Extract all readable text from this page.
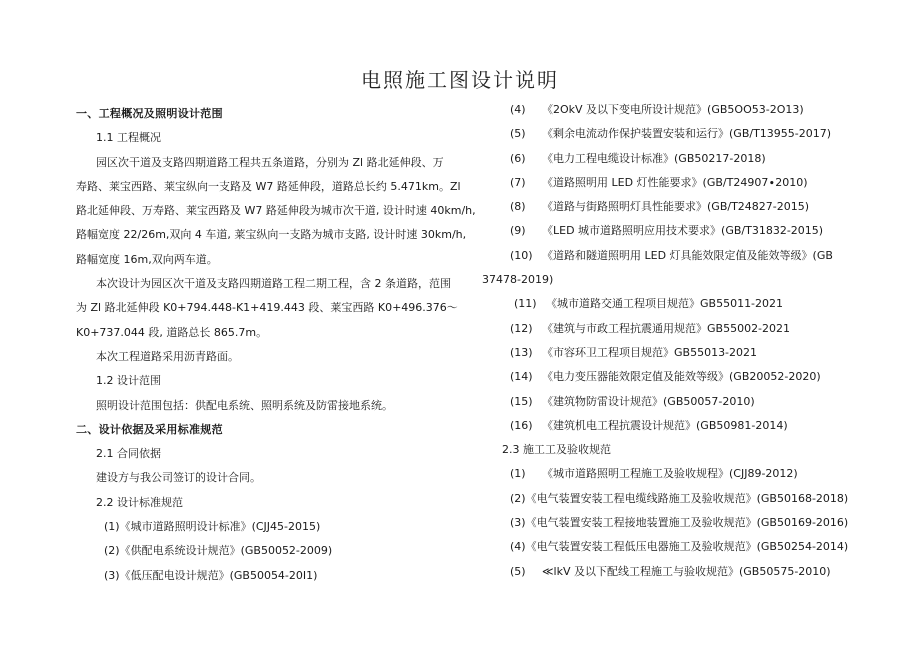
电照施工图设计说明
一、工程概况及照明设计范围
1.1 工程概况
园区次干道及支路四期道路工程共五条道路，分别为 Zl 路北延伸段、万
寿路、莱宝西路、莱宝纵向一支路及 W7 路延伸段，道路总长约 5.471km。Zl
路北延伸段、万寿路、莱宝西路及 W7 路延伸段为城市次干道, 设计时速 40km/h,
路幅宽度 22/26m,双向 4 车道, 莱宝纵向一支路为城市支路, 设计时速 30km/h,
路幅宽度 16m,双向两车道。
本次设计为园区次干道及支路四期道路工程二期工程，含 2 条道路，范围
为 Zl 路北延伸段 K0+794.448-K1+419.443 段、莱宝西路 K0+496.376～
K0+737.044 段, 道路总长 865.7m。
本次工程道路采用沥青路面。
1.2 设计范围
照明设计范围包括：供配电系统、照明系统及防雷接地系统。
二、设计依据及采用标准规范
2.1 合同依据
建设方与我公司签订的设计合同。
2.2 设计标准规范
(1)《城市道路照明设计标准》(CJJ45-2015)
(2)《供配电系统设计规范》(GB50052-2009)
(3)《低压配电设计规范》(GB50054-20I1)
(4)	《2OkV 及以下变电所设计规范》(GB5OO53-2O13)
(5)	《剩余电流动作保护装置安装和运行》(GB/T13955-2017)
(6)	《电力工程电缆设计标准》(GB50217-2018)
(7)	《道路照明用 LED 灯性能要求》(GB/T24907∙2010)
(8)	《道路与街路照明灯具性能要求》(GB/T24827-2015)
(9)	《LED 城市道路照明应用技术要求》(GB/T31832-2015)
(10) 《道路和隧道照明用 LED 灯具能效限定值及能效等级》(GB
37478-2019)
(11) 《城市道路交通工程项目规范》GB55011-2021
(12) 《建筑与市政工程抗震通用规范》GB55002-2021
(13) 《市容环卫工程项目规范》GB55013-2021
(14) 《电力变压器能效限定值及能效等级》(GB20052-2020)
(15) 《建筑物防雷设计规范》(GB50057-2010)
(16) 《建筑机电工程抗震设计规范》(GB50981-2014)
2.3 施工工及验收规范
(1)	《城市道路照明工程施工及验收规程》(CJJ89-2012)
(2) 《电气装置安装工程电缆线路施工及验收规范》(GB50168-2018)
(3) 《电气装置安装工程接地装置施工及验收规范》(GB50169-2016)
(4) 《电气装置安装工程低压电器施工及验收规范》(GB50254-2014)
(5)	≪lkV 及以下配线工程施工与验收规范》(GB50575-2010)
